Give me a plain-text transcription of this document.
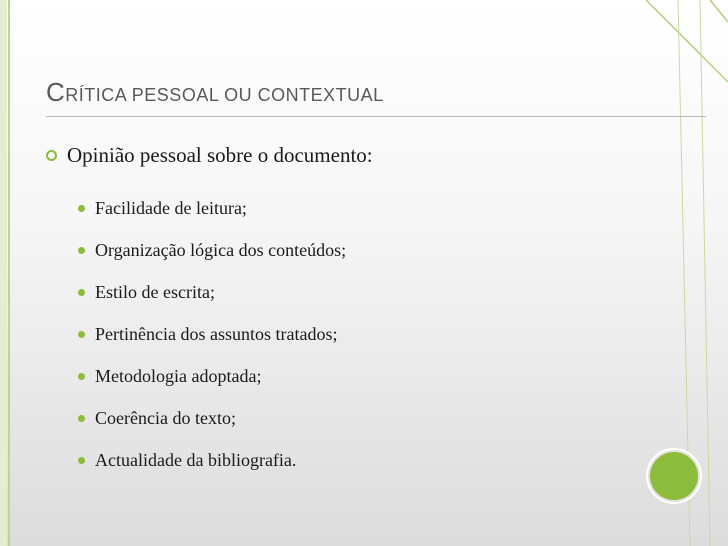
CRÍTICA PESSOAL OU CONTEXTUAL
Opinião pessoal sobre o documento:
Facilidade de leitura;
Organização lógica dos conteúdos;
Estilo de escrita;
Pertinência dos assuntos tratados;
Metodologia adoptada;
Coerência do texto;
Actualidade da bibliografia.
